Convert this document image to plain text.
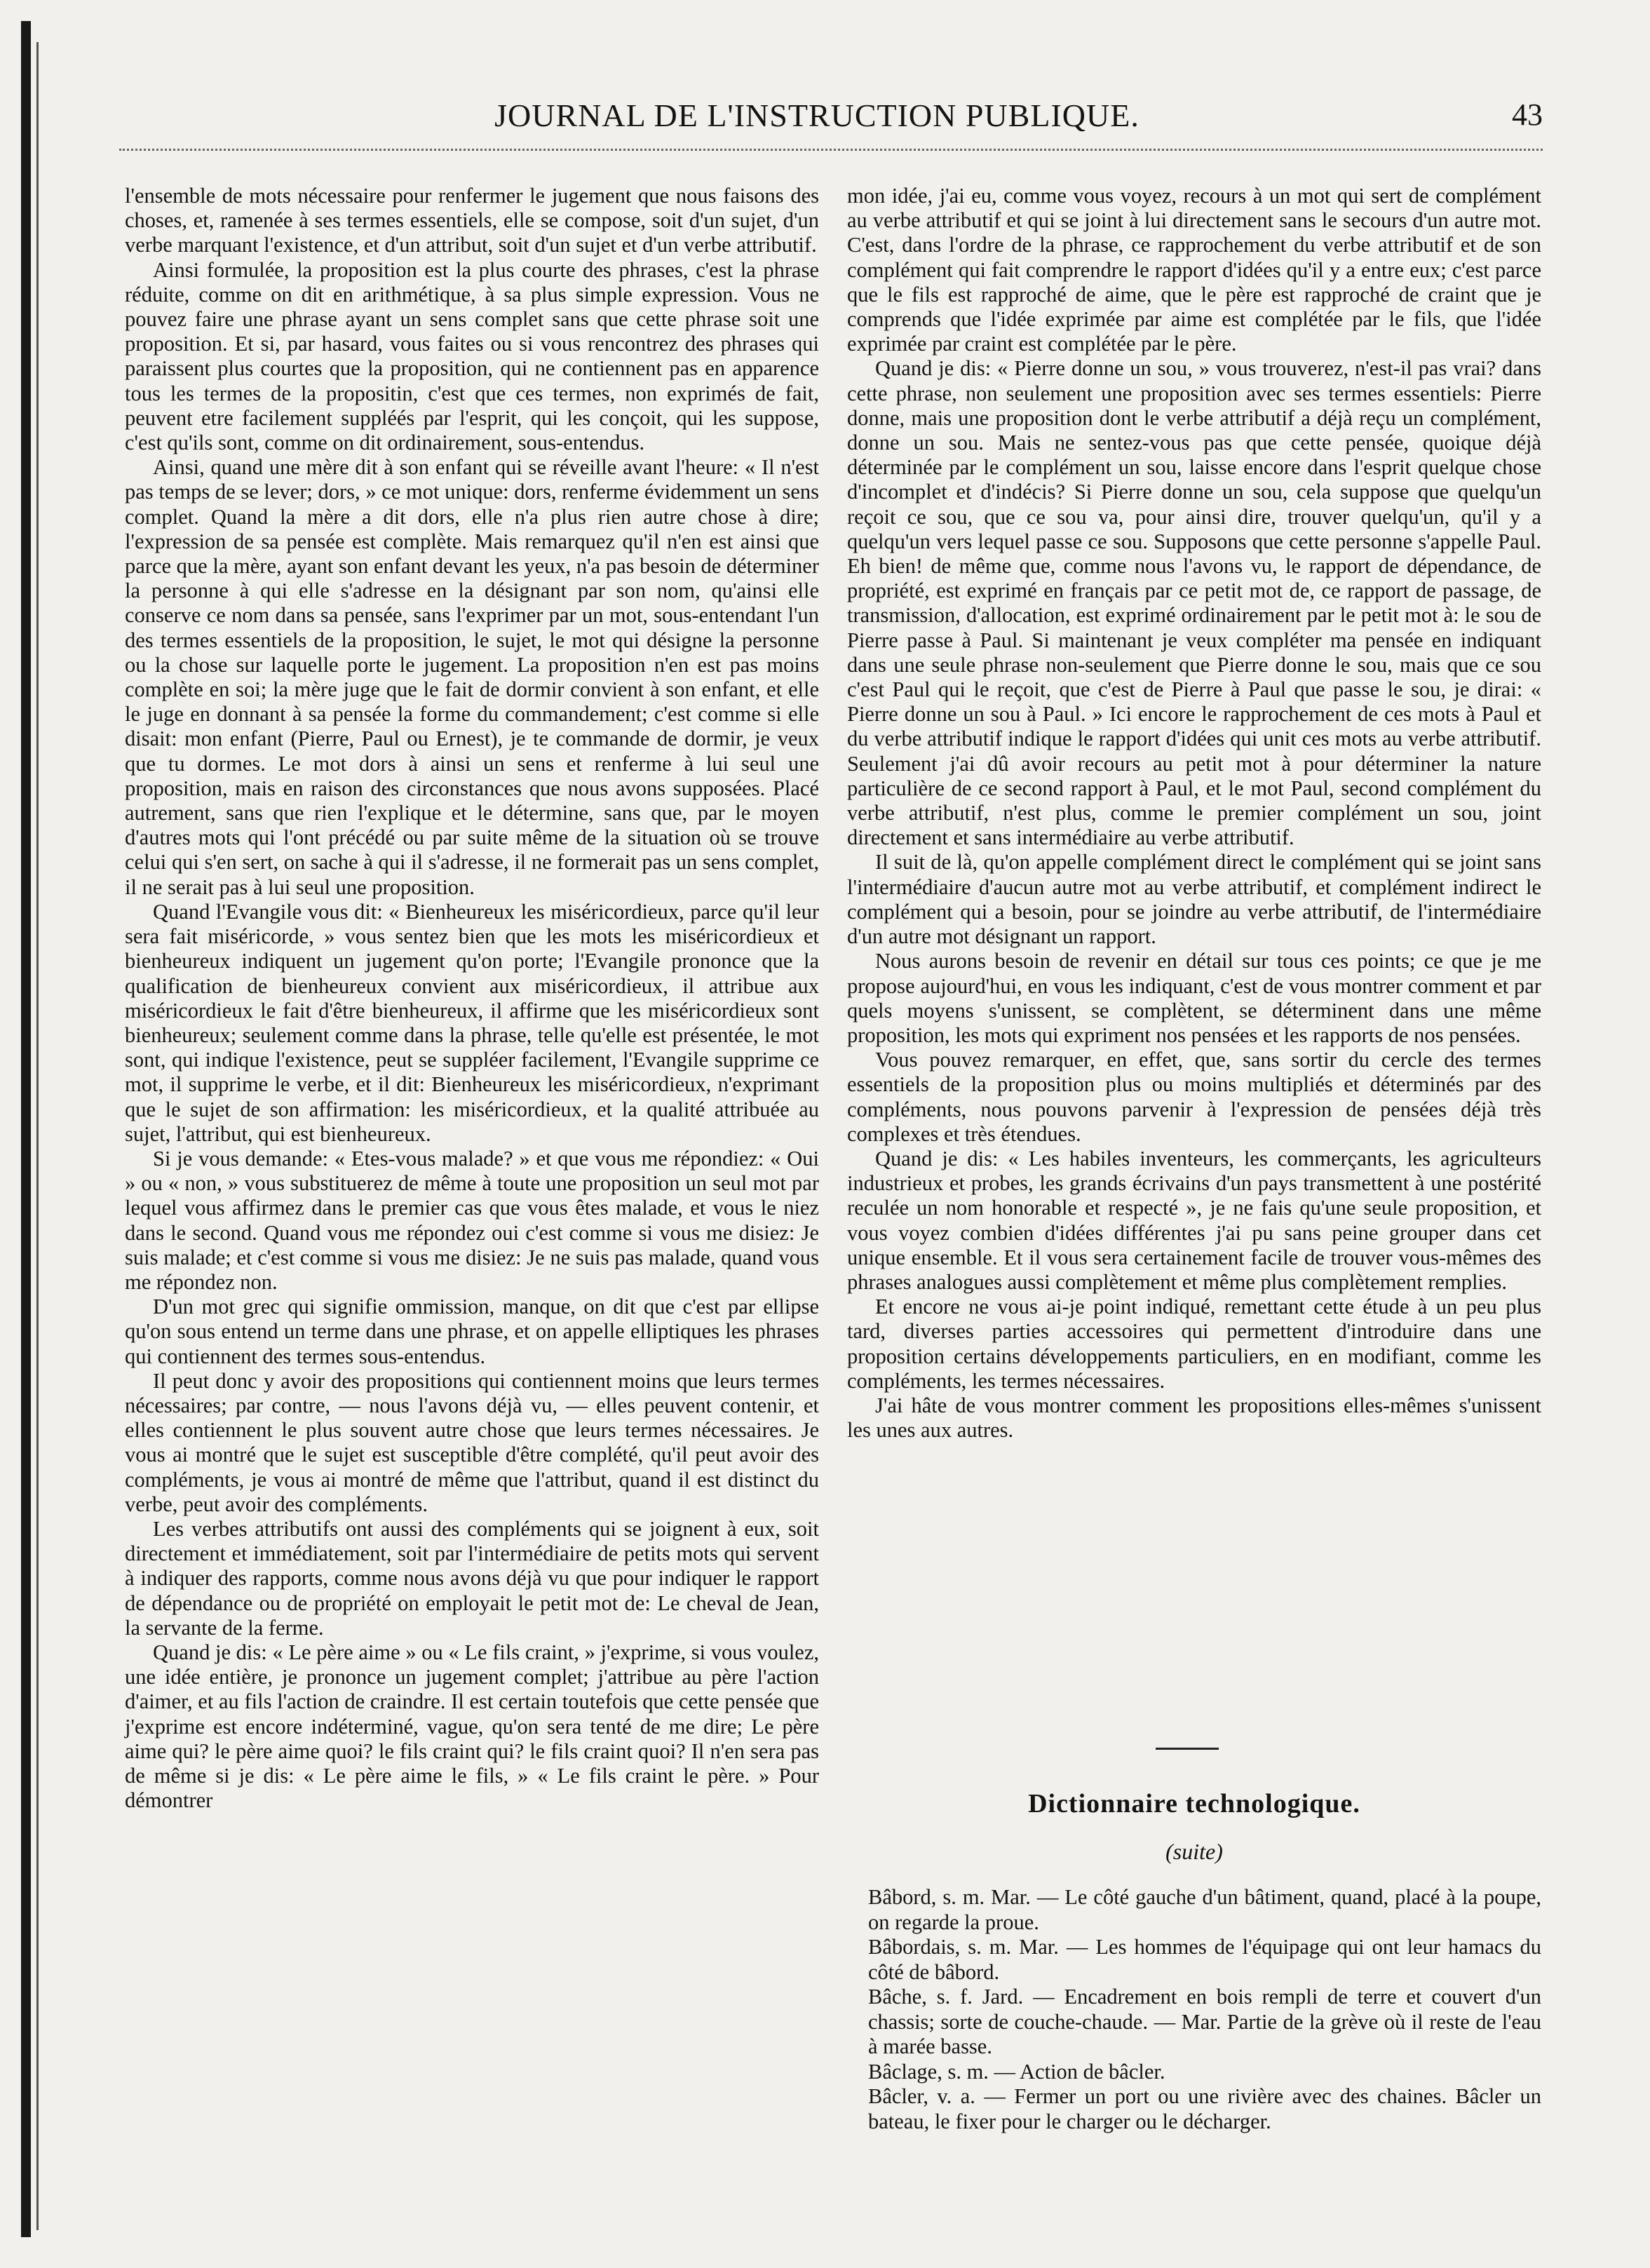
JOURNAL DE L'INSTRUCTION PUBLIQUE.	43

l'ensemble de mots nécessaire pour renfermer le jugement que nous faisons des choses, et, ramenée à ses termes essentiels, elle se compose, soit d'un sujet, d'un verbe marquant l'existence, et d'un attribut, soit d'un sujet et d'un verbe attributif.

Ainsi formulée, la proposition est la plus courte des phrases, c'est la phrase réduite, comme on dit en arithmétique, à sa plus simple expression. Vous ne pouvez faire une phrase ayant un sens complet sans que cette phrase soit une proposition. Et si, par hasard, vous faites ou si vous rencontrez des phrases qui paraissent plus courtes que la proposition, qui ne contiennent pas en apparence tous les termes de la propositin, c'est que ces termes, non exprimés de fait, peuvent etre facilement suppléés par l'esprit, qui les conçoit, qui les suppose, c'est qu'ils sont, comme on dit ordinairement, sous-entendus.

Ainsi, quand une mère dit à son enfant qui se réveille avant l'heure: « Il n'est pas temps de se lever; dors, » ce mot unique: dors, renferme évidemment un sens complet. Quand la mère a dit dors, elle n'a plus rien autre chose à dire; l'expression de sa pensée est complète. Mais remarquez qu'il n'en est ainsi que parce que la mère, ayant son enfant devant les yeux, n'a pas besoin de déterminer la personne à qui elle s'adresse en la désignant par son nom, qu'ainsi elle conserve ce nom dans sa pensée, sans l'exprimer par un mot, sous-entendant l'un des termes essentiels de la proposition, le sujet, le mot qui désigne la personne ou la chose sur laquelle porte le jugement. La proposition n'en est pas moins complète en soi; la mère juge que le fait de dormir convient à son enfant, et elle le juge en donnant à sa pensée la forme du commandement; c'est comme si elle disait: mon enfant (Pierre, Paul ou Ernest), je te commande de dormir, je veux que tu dormes. Le mot dors à ainsi un sens et renferme à lui seul une proposition, mais en raison des circonstances que nous avons supposées. Placé autrement, sans que rien l'explique et le détermine, sans que, par le moyen d'autres mots qui l'ont précédé ou par suite même de la situation où se trouve celui qui s'en sert, on sache à qui il s'adresse, il ne formerait pas un sens complet, il ne serait pas à lui seul une proposition.

Quand l'Evangile vous dit: « Bienheureux les miséricordieux, parce qu'il leur sera fait miséricorde, » vous sentez bien que les mots les miséricordieux et bienheureux indiquent un jugement qu'on porte; l'Evangile prononce que la qualification de bienheureux convient aux miséricordieux, il attribue aux miséricordieux le fait d'être bienheureux, il affirme que les miséricordieux sont bienheureux; seulement comme dans la phrase, telle qu'elle est présentée, le mot sont, qui indique l'existence, peut se suppléer facilement, l'Evangile supprime ce mot, il supprime le verbe, et il dit: Bienheureux les miséricordieux, n'exprimant que le sujet de son affirmation: les miséricordieux, et la qualité attribuée au sujet, l'attribut, qui est bienheureux.

Si je vous demande: « Etes-vous malade? » et que vous me répondiez: « Oui » ou « non, » vous substituerez de même à toute une proposition un seul mot par lequel vous affirmez dans le premier cas que vous êtes malade, et vous le niez dans le second. Quand vous me répondez oui c'est comme si vous me disiez: Je suis malade; et c'est comme si vous me disiez: Je ne suis pas malade, quand vous me répondez non.

D'un mot grec qui signifie ommission, manque, on dit que c'est par ellipse qu'on sous entend un terme dans une phrase, et on appelle elliptiques les phrases qui contiennent des termes sous-entendus.

Il peut donc y avoir des propositions qui contiennent moins que leurs termes nécessaires; par contre, — nous l'avons déjà vu, — elles peuvent contenir, et elles contiennent le plus souvent autre chose que leurs termes nécessaires. Je vous ai montré que le sujet est susceptible d'être complété, qu'il peut avoir des compléments, je vous ai montré de même que l'attribut, quand il est distinct du verbe, peut avoir des compléments.

Les verbes attributifs ont aussi des compléments qui se joignent à eux, soit directement et immédiatement, soit par l'intermédiaire de petits mots qui servent à indiquer des rapports, comme nous avons déjà vu que pour indiquer le rapport de dépendance ou de propriété on employait le petit mot de: Le cheval de Jean, la servante de la ferme.

Quand je dis: « Le père aime » ou « Le fils craint, » j'exprime, si vous voulez, une idée entière, je prononce un jugement complet; j'attribue au père l'action d'aimer, et au fils l'action de craindre. Il est certain toutefois que cette pensée que j'exprime est encore indéterminé, vague, qu'on sera tenté de me dire; Le père aime qui? le père aime quoi? le fils craint qui? le fils craint quoi? Il n'en sera pas de même si je dis: « Le père aime le fils, » « Le fils craint le père. » Pour démontrer

mon idée, j'ai eu, comme vous voyez, recours à un mot qui sert de complément au verbe attributif et qui se joint à lui directement sans le secours d'un autre mot. C'est, dans l'ordre de la phrase, ce rapprochement du verbe attributif et de son complément qui fait comprendre le rapport d'idées qu'il y a entre eux; c'est parce que le fils est rapproché de aime, que le père est rapproché de craint que je comprends que l'idée exprimée par aime est complétée par le fils, que l'idée exprimée par craint est complétée par le père.

Quand je dis: « Pierre donne un sou, » vous trouverez, n'est-il pas vrai? dans cette phrase, non seulement une proposition avec ses termes essentiels: Pierre donne, mais une proposition dont le verbe attributif a déjà reçu un complément, donne un sou. Mais ne sentez-vous pas que cette pensée, quoique déjà déterminée par le complément un sou, laisse encore dans l'esprit quelque chose d'incomplet et d'indécis? Si Pierre donne un sou, cela suppose que quelqu'un reçoit ce sou, que ce sou va, pour ainsi dire, trouver quelqu'un, qu'il y a quelqu'un vers lequel passe ce sou. Supposons que cette personne s'appelle Paul. Eh bien! de même que, comme nous l'avons vu, le rapport de dépendance, de propriété, est exprimé en français par ce petit mot de, ce rapport de passage, de transmission, d'allocation, est exprimé ordinairement par le petit mot à: le sou de Pierre passe à Paul. Si maintenant je veux compléter ma pensée en indiquant dans une seule phrase non-seulement que Pierre donne le sou, mais que ce sou c'est Paul qui le reçoit, que c'est de Pierre à Paul que passe le sou, je dirai: « Pierre donne un sou à Paul. » Ici encore le rapprochement de ces mots à Paul et du verbe attributif indique le rapport d'idées qui unit ces mots au verbe attributif. Seulement j'ai dû avoir recours au petit mot à pour déterminer la nature particulière de ce second rapport à Paul, et le mot Paul, second complément du verbe attributif, n'est plus, comme le premier complément un sou, joint directement et sans intermédiaire au verbe attributif.

Il suit de là, qu'on appelle complément direct le complément qui se joint sans l'intermédiaire d'aucun autre mot au verbe attributif, et complément indirect le complément qui a besoin, pour se joindre au verbe attributif, de l'intermédiaire d'un autre mot désignant un rapport.

Nous aurons besoin de revenir en détail sur tous ces points; ce que je me propose aujourd'hui, en vous les indiquant, c'est de vous montrer comment et par quels moyens s'unissent, se complètent, se déterminent dans une même proposition, les mots qui expriment nos pensées et les rapports de nos pensées.

Vous pouvez remarquer, en effet, que, sans sortir du cercle des termes essentiels de la proposition plus ou moins multipliés et déterminés par des compléments, nous pouvons parvenir à l'expression de pensées déjà très complexes et très étendues.

Quand je dis: « Les habiles inventeurs, les commerçants, les agriculteurs industrieux et probes, les grands écrivains d'un pays transmettent à une postérité reculée un nom honorable et respecté », je ne fais qu'une seule proposition, et vous voyez combien d'idées différentes j'ai pu sans peine grouper dans cet unique ensemble. Et il vous sera certainement facile de trouver vous-mêmes des phrases analogues aussi complètement et même plus complètement remplies.

Et encore ne vous ai-je point indiqué, remettant cette étude à un peu plus tard, diverses parties accessoires qui permettent d'introduire dans une proposition certains développements particuliers, en en modifiant, comme les compléments, les termes nécessaires.

J'ai hâte de vous montrer comment les propositions elles-mêmes s'unissent les unes aux autres.

Dictionnaire technologique.
(suite)

Bâbord, s. m. Mar. — Le côté gauche d'un bâtiment, quand, placé à la poupe, on regarde la proue.

Bâbordais, s. m. Mar. — Les hommes de l'équipage qui ont leur hamacs du côté de bâbord.

Bâche, s. f. Jard. — Encadrement en bois rempli de terre et couvert d'un chassis; sorte de couche-chaude. — Mar. Partie de la grève où il reste de l'eau à marée basse.

Bâclage, s. m. — Action de bâcler.

Bâcler, v. a. — Fermer un port ou une rivière avec des chaines. Bâcler un bateau, le fixer pour le charger ou le décharger.
